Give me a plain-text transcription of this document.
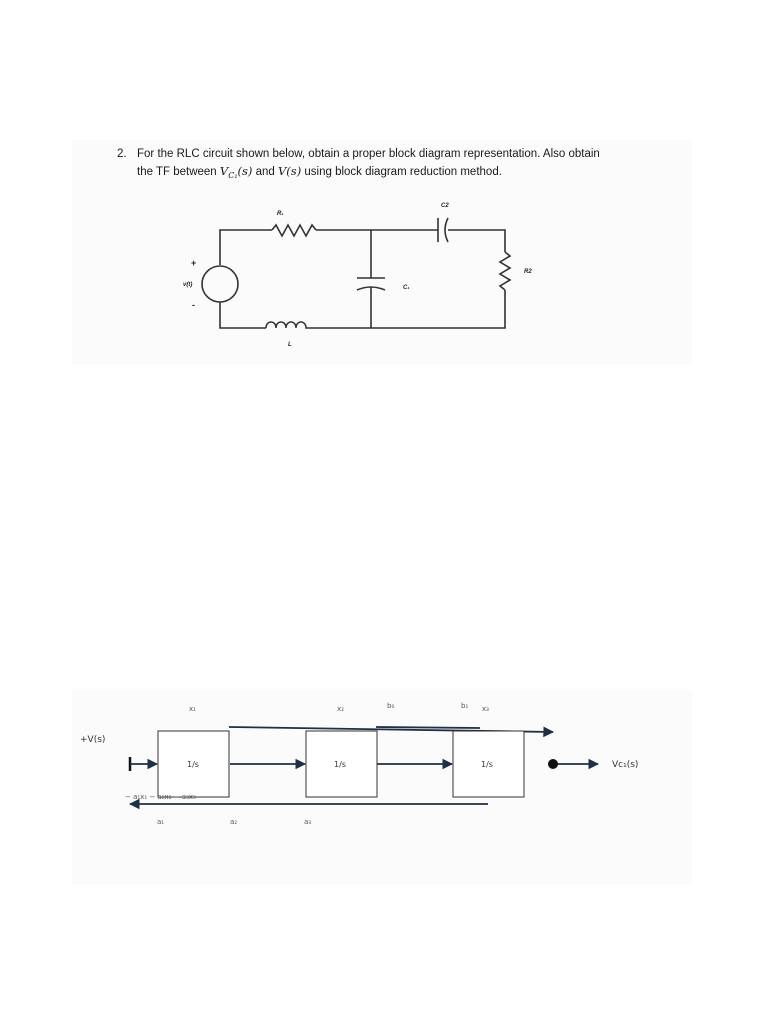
2. For the RLC circuit shown below, obtain a proper block diagram representation. Also obtain
the TF between $V_{C_1}(s)$ and V(s) using block diagram reduction method.
+
-
v(t)
R₁
L
C₁
C2
R2
1/s	1/s	1/s
+V(s)
Vc₁(s)
x₁	x₂	x₃
b₀	b₁
− a₁x₁ − a₂x₂ − a₃x₃
a₁	a₂	a₃
